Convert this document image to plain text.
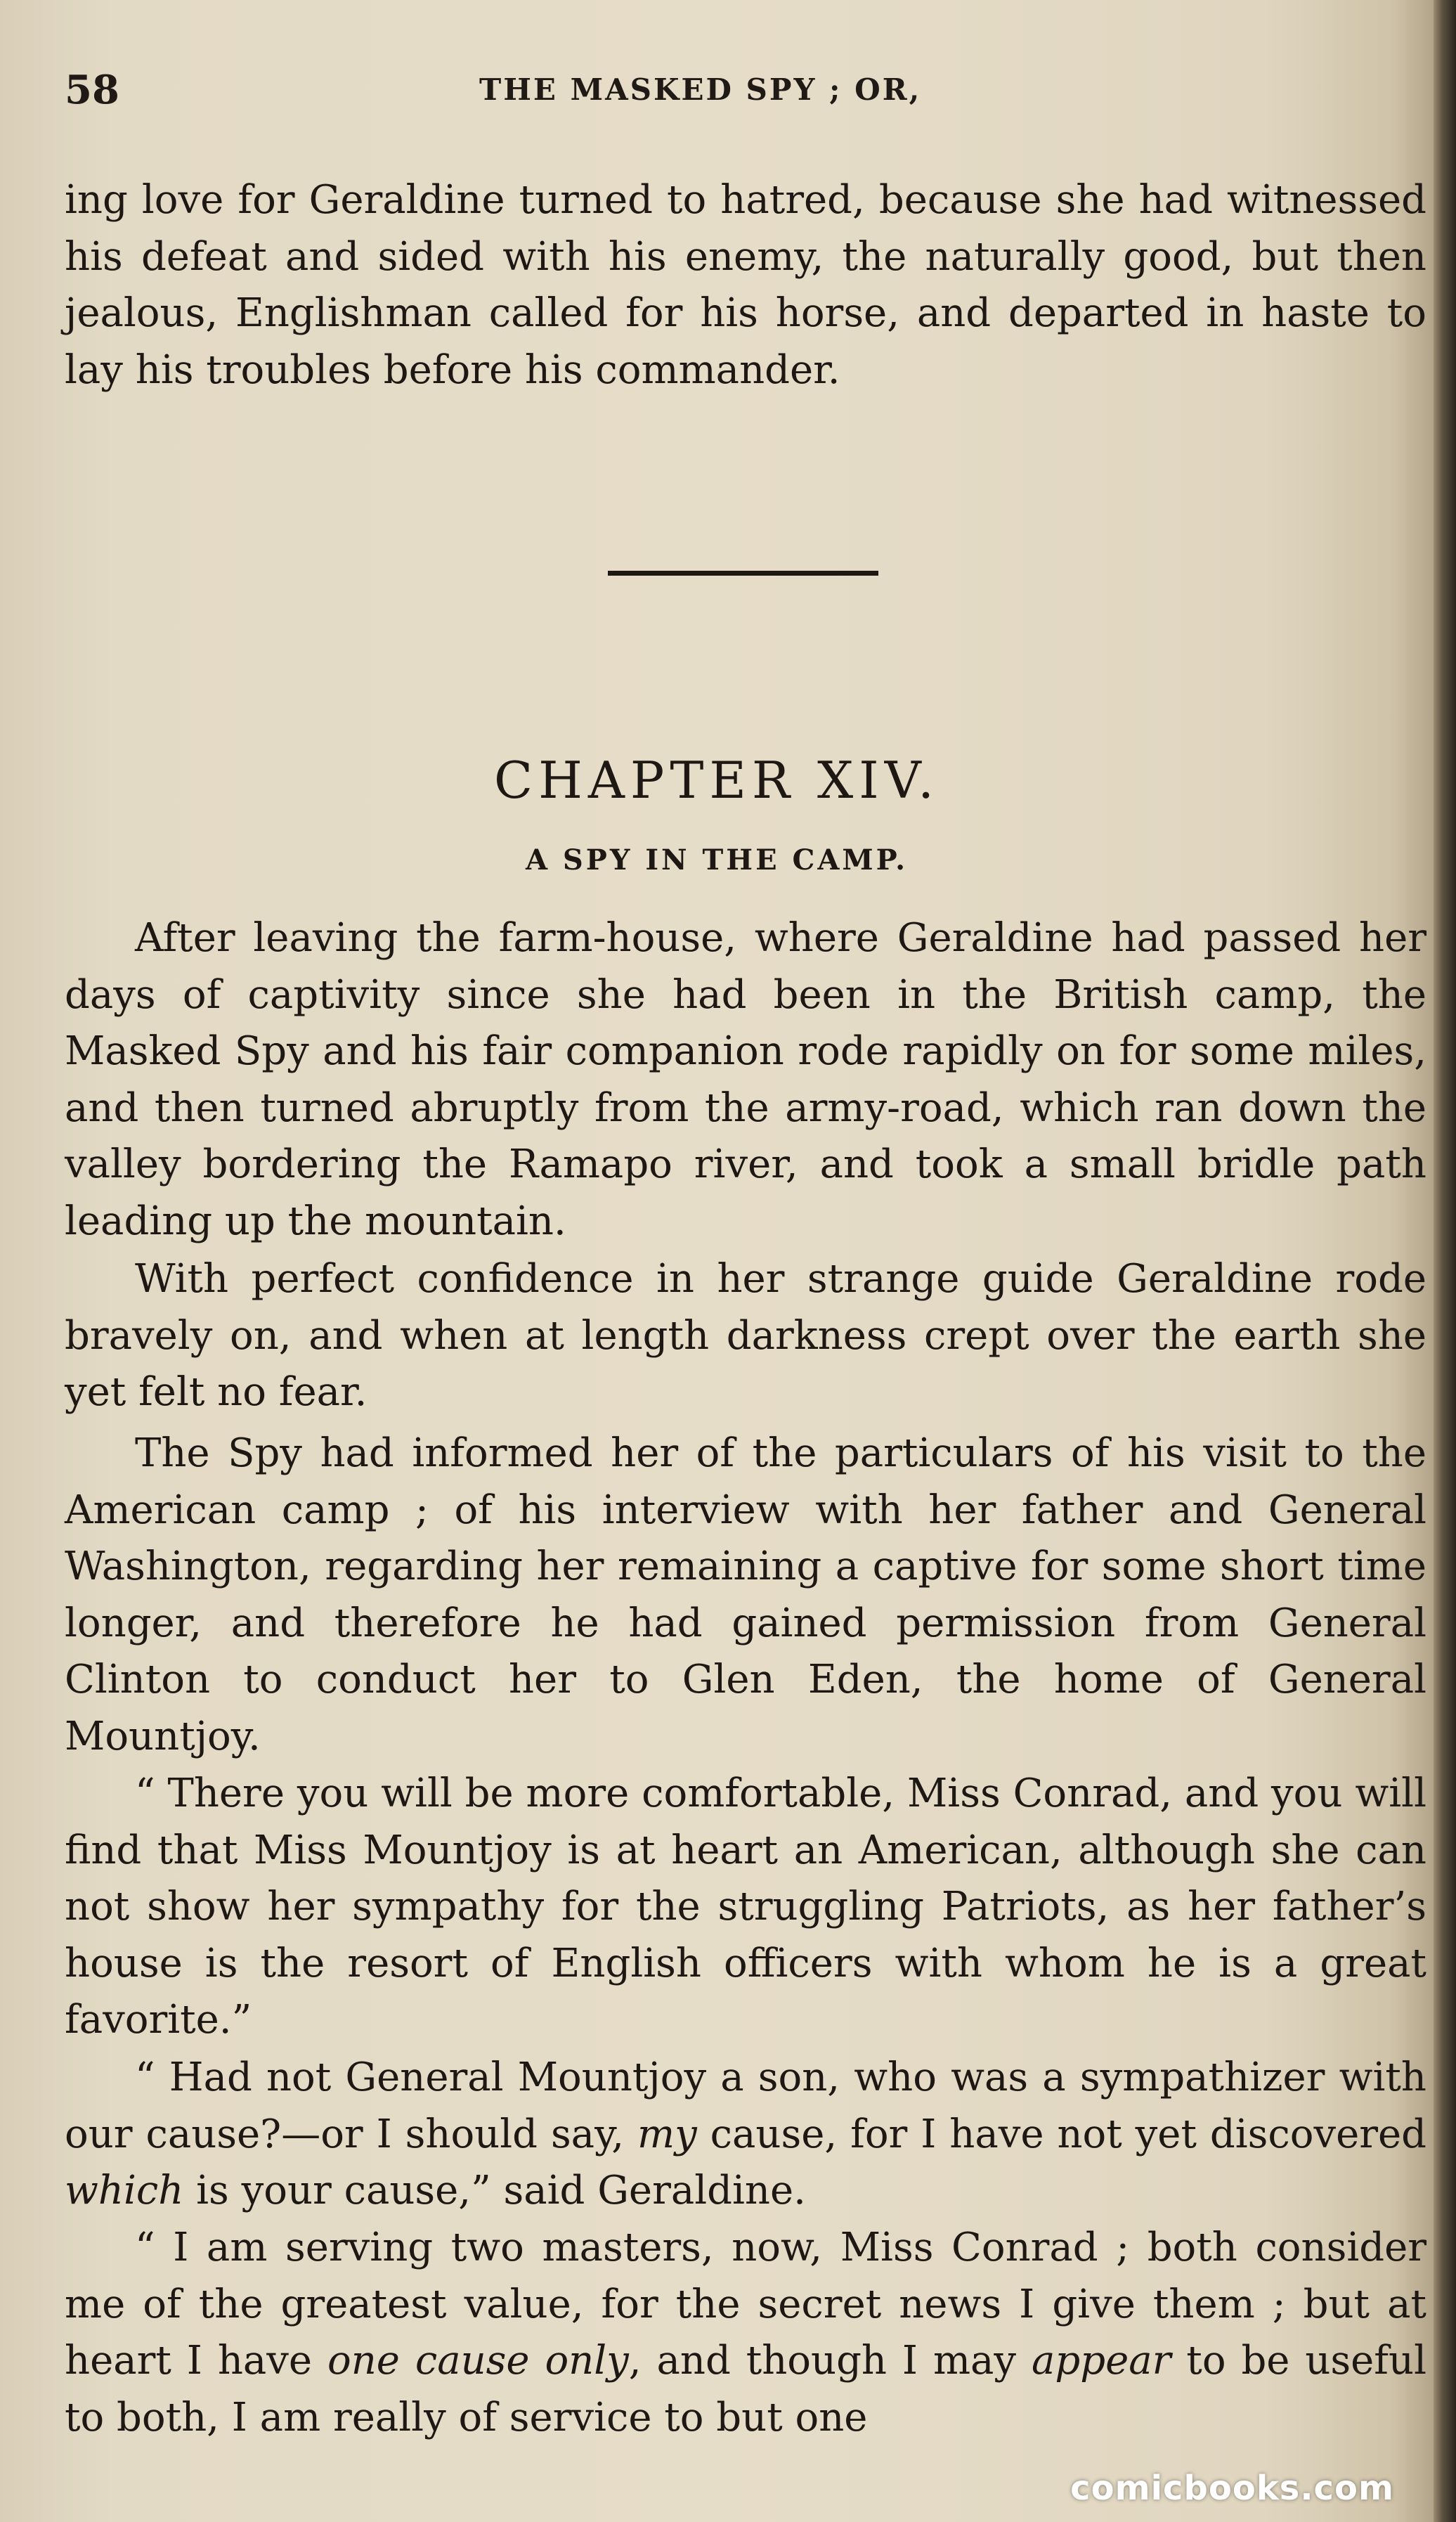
58	THE MASKED SPY ; OR,

ing love for Geraldine turned to hatred, because she had witnessed his defeat and sided with his enemy, the naturally good, but then jealous, Englishman called for his horse, and departed in haste to lay his troubles before his commander.

CHAPTER XIV.
A SPY IN THE CAMP.

After leaving the farm-house, where Geraldine had passed her days of captivity since she had been in the British camp, the Masked Spy and his fair companion rode rapidly on for some miles, and then turned abruptly from the army-road, which ran down the valley bordering the Ramapo river, and took a small bridle path leading up the mountain.

With perfect confidence in her strange guide Geraldine rode bravely on, and when at length darkness crept over the earth she yet felt no fear.

The Spy had informed her of the particulars of his visit to the American camp ; of his interview with her father and General Washington, regarding her remaining a captive for some short time longer, and therefore he had gained permission from General Clinton to conduct her to Glen Eden, the home of General Mountjoy.

“ There you will be more comfortable, Miss Conrad, and you will find that Miss Mountjoy is at heart an American, although she can not show her sympathy for the struggling Patriots, as her father’s house is the resort of English officers with whom he is a great favorite.”

“ Had not General Mountjoy a son, who was a sympathizer with our cause?—or I should say, my cause, for I have not yet discovered which is your cause,” said Geraldine.

“ I am serving two masters, now, Miss Conrad ; both consider me of the greatest value, for the secret news I give them ; but at heart I have one cause only, and though I may appear to be useful to both, I am really of service to but one

comicbooks.com
